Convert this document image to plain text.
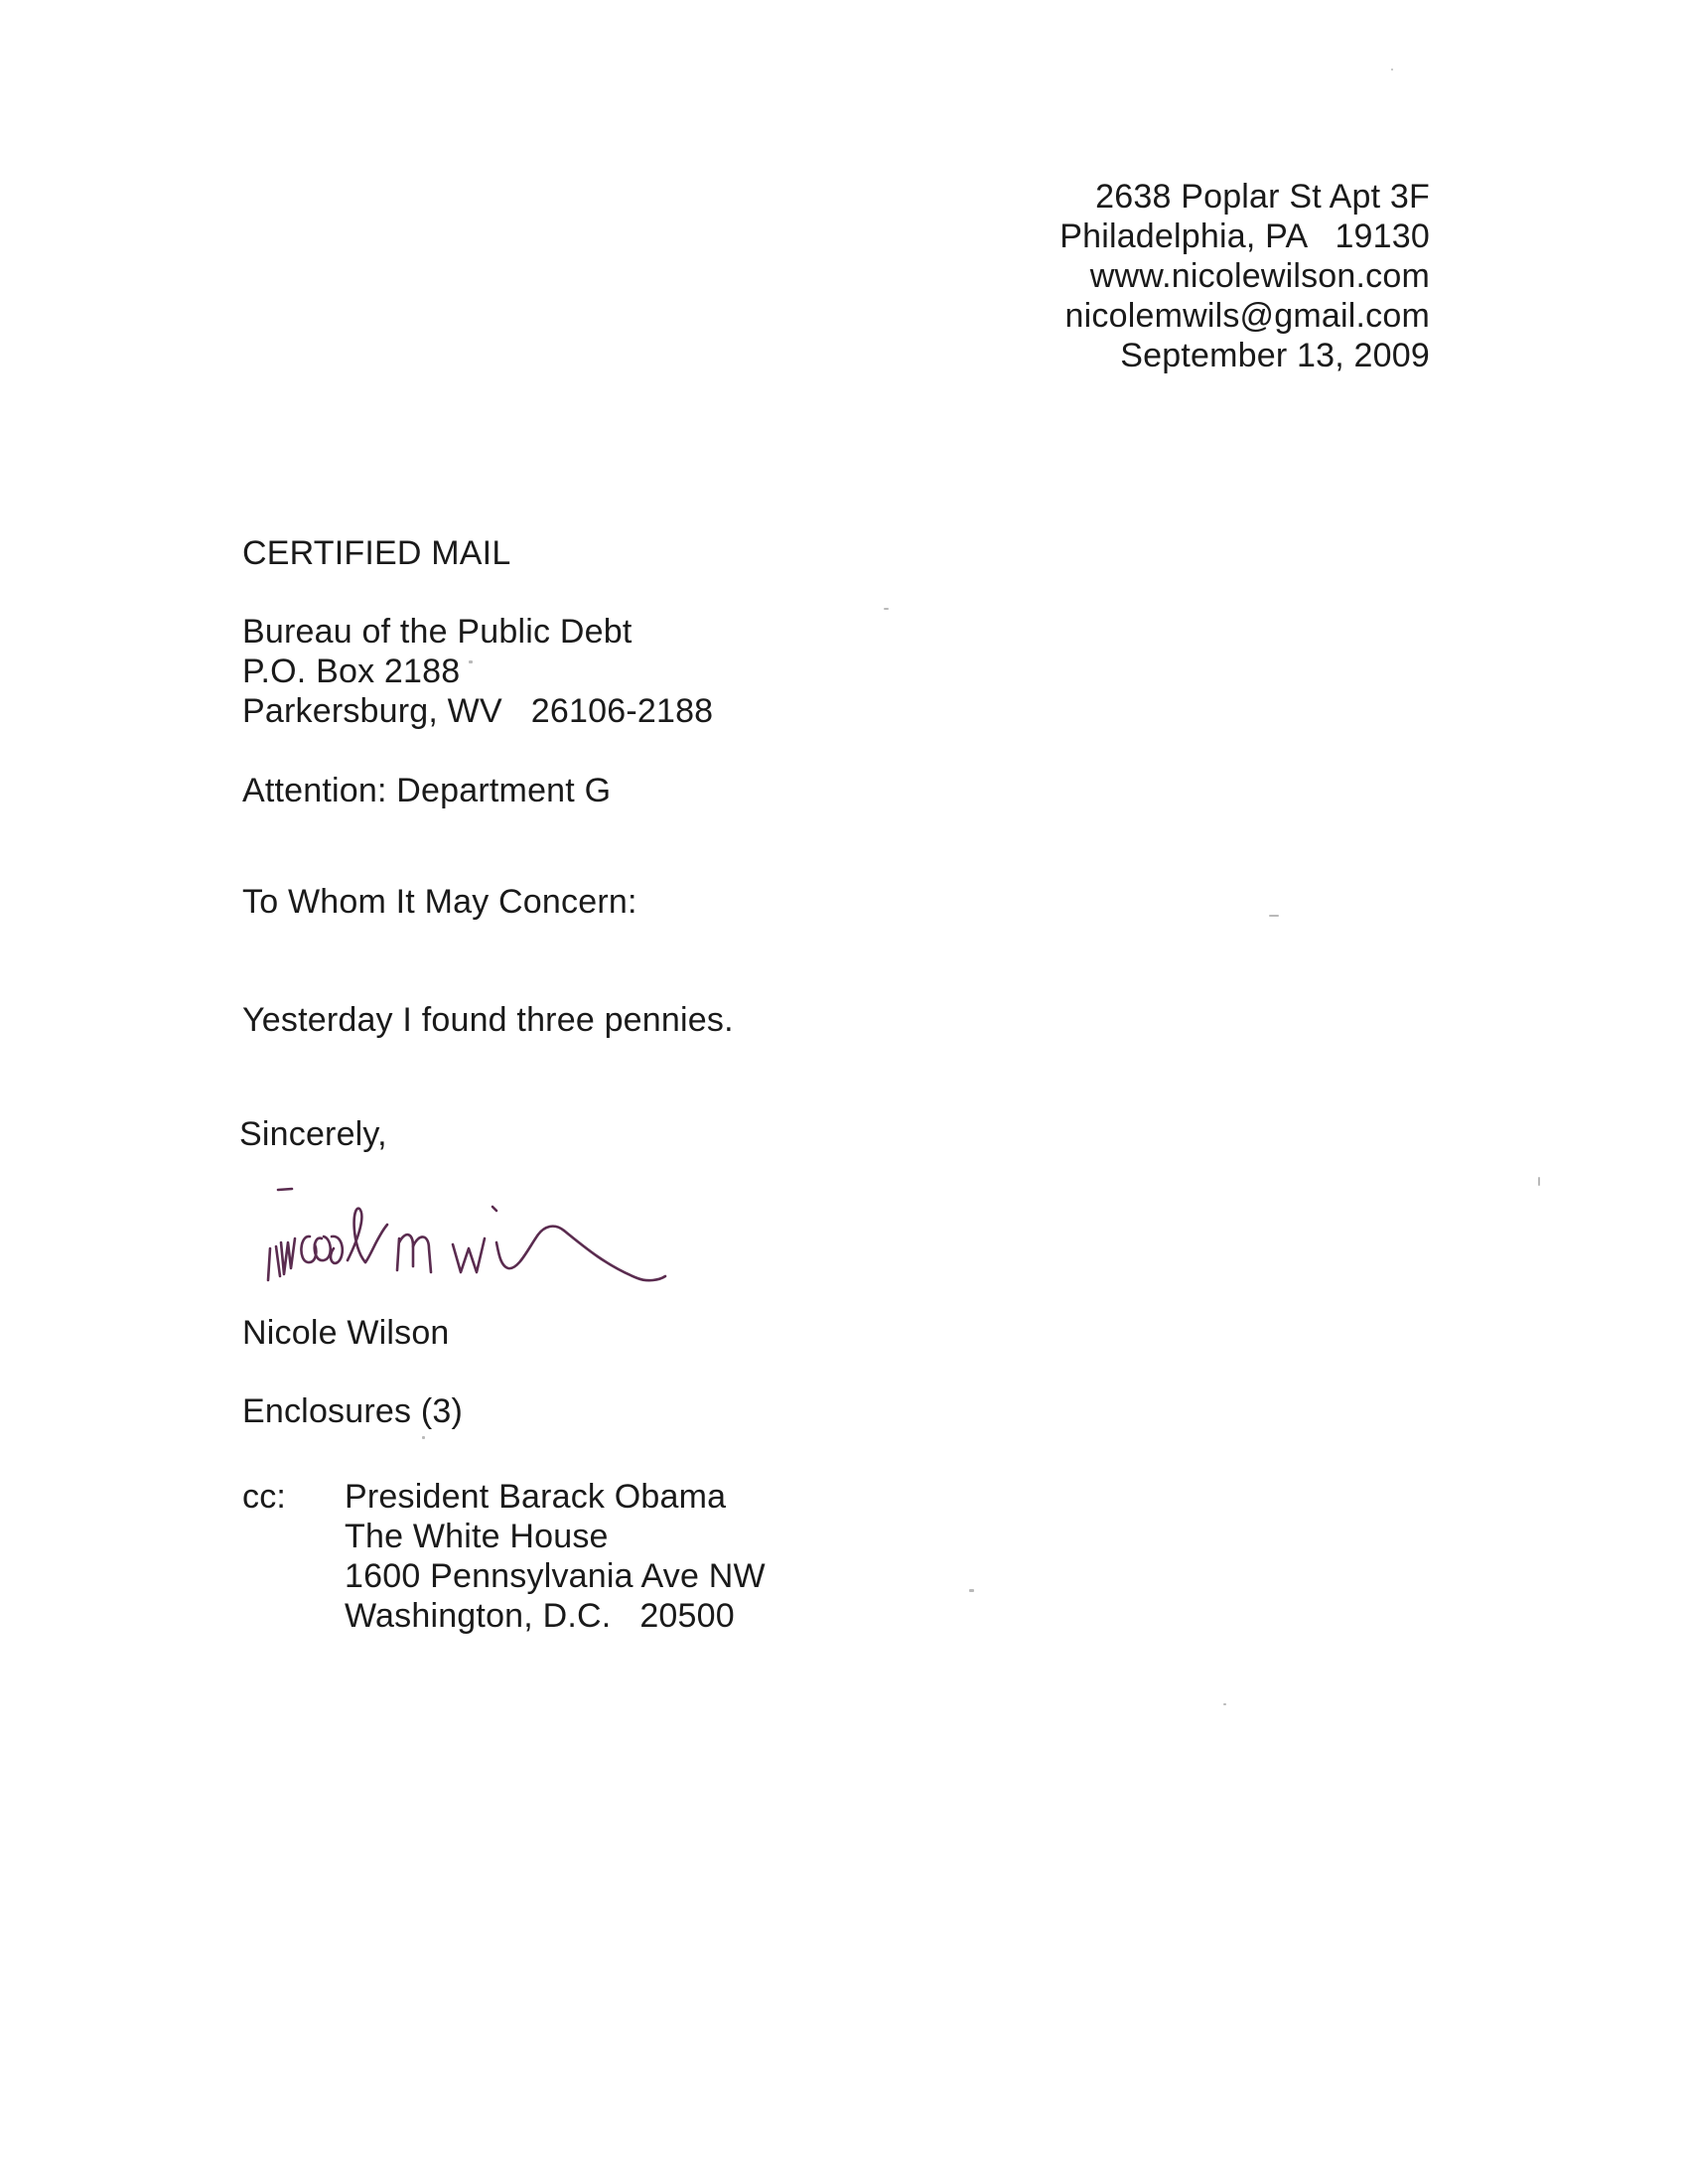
2638 Poplar St Apt 3F
Philadelphia, PA   19130
www.nicolewilson.com
nicolemwils@gmail.com
September 13, 2009
CERTIFIED MAIL
Bureau of the Public Debt
P.O. Box 2188
Parkersburg, WV   26106-2188
Attention: Department G
To Whom It May Concern:
Yesterday I found three pennies.
Sincerely,
Nicole Wilson
Enclosures (3)
cc: President Barack Obama
The White House
1600 Pennsylvania Ave NW
Washington, D.C.   20500
